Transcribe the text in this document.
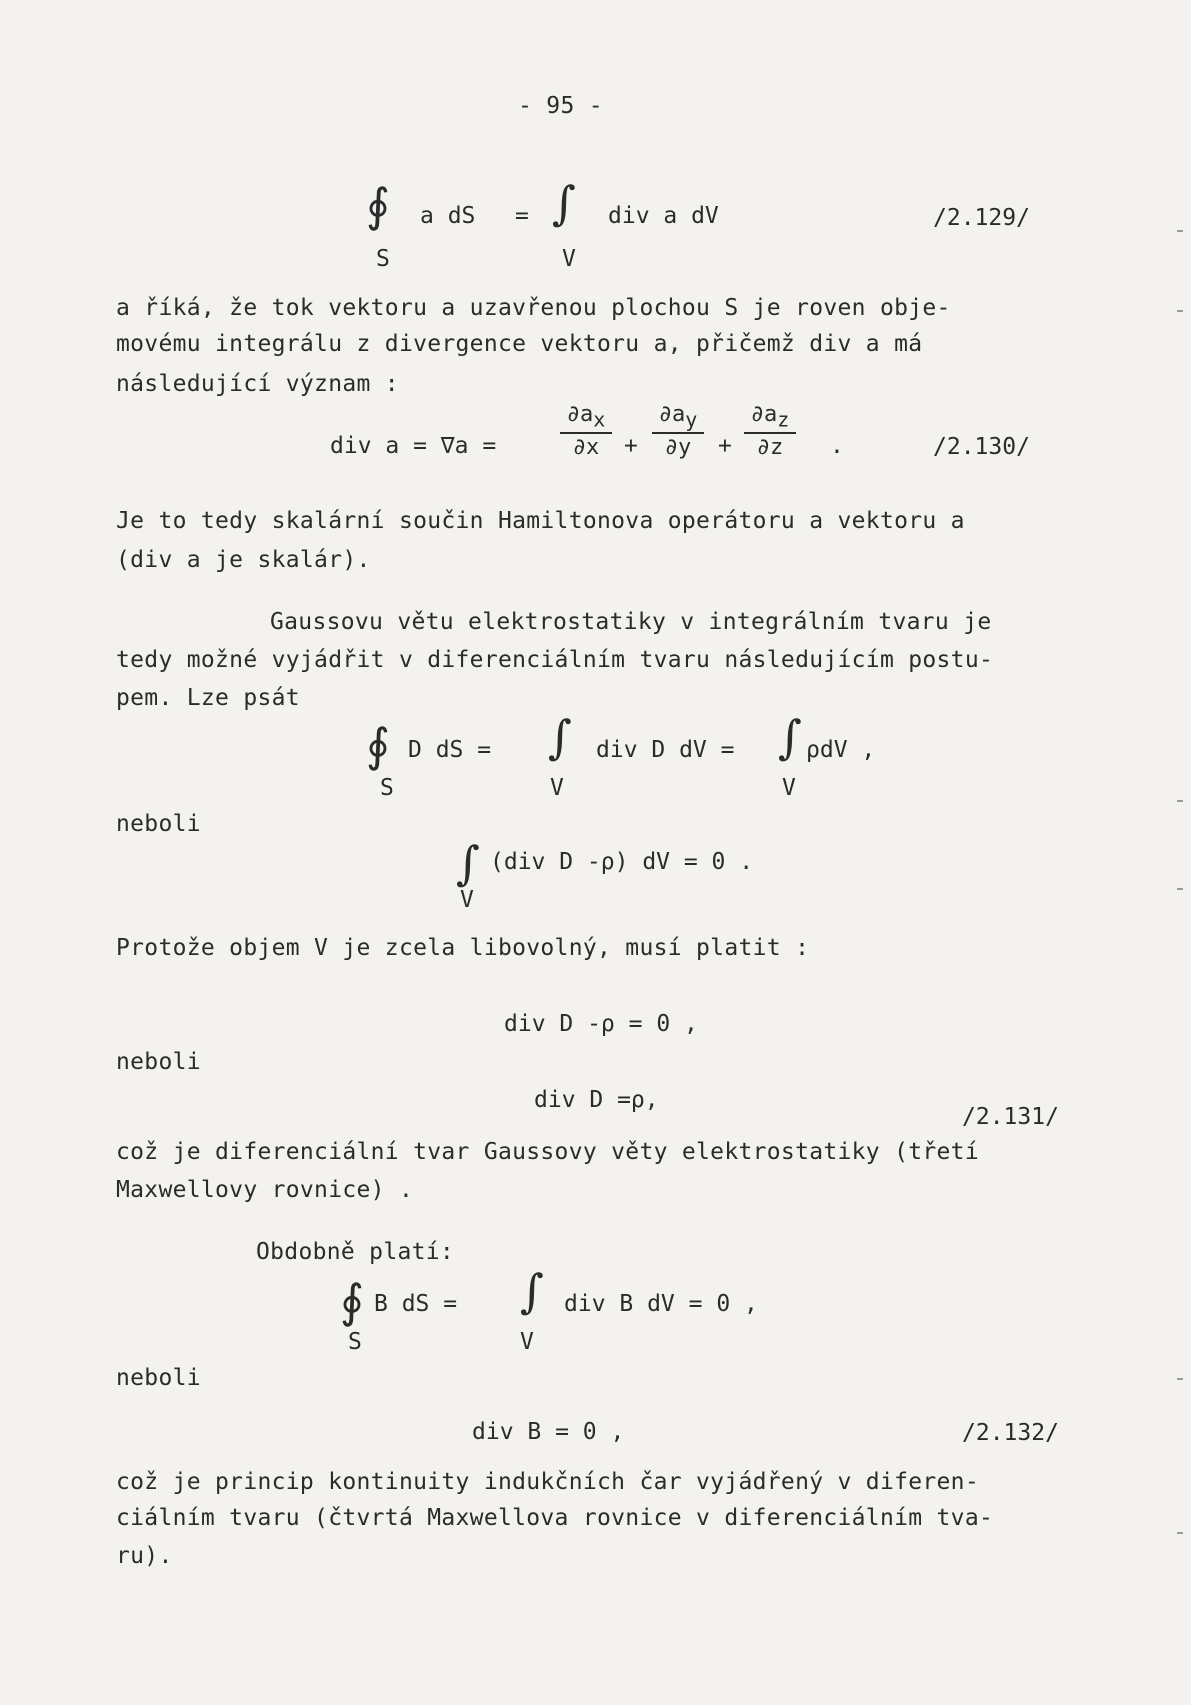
- 95 -
∮ a dS = ∫ div a dV
S	V
/2.129/
a říká, že tok vektoru a uzavřenou plochou S je roven obje-
movému integrálu z divergence vektoru a, přičemž div a má
následující význam :
div a = ∇a =
$\partial a_x$
∂x	+
$\partial a_y$
∂y	+
$\partial a_z$
∂z	.	/2.130/
Je to tedy skalární součin Hamiltonova operátoru a vektoru a
(div a je skalár).
Gaussovu větu elektrostatiky v integrálním tvaru je
tedy možné vyjádřit v diferenciálním tvaru následujícím postu-
pem. Lze psát
∮ D dS = ∫ div D dV = ∫ ρdV ,
S	V	V
neboli
∫ (div D -ρ) dV = 0 .
V
Protože objem V je zcela libovolný, musí platit :
div D -ρ = 0 ,
neboli
div D =ρ,
/2.131/
což je diferenciální tvar Gaussovy věty elektrostatiky (třetí
Maxwellovy rovnice) .
Obdobně platí:
∮ B dS = ∫ div B dV = 0 ,
S	V
neboli
div B = 0 ,	/2.132/
což je princip kontinuity indukčních čar vyjádřený v diferen-
ciálním tvaru (čtvrtá Maxwellova rovnice v diferenciálním tva-
ru).
